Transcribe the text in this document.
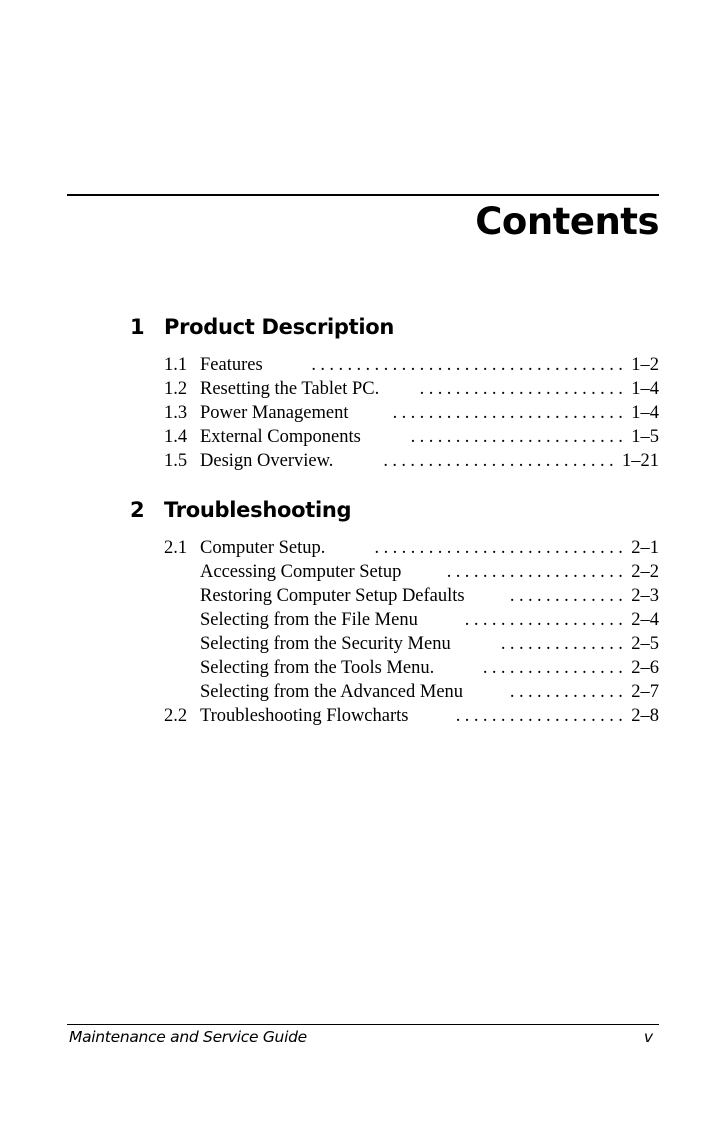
Contents
1 Product Description
1.1 Features	................................... 1–2
1.2 Resetting the Tablet PC.	....................... 1–4
1.3 Power Management	.......................... 1–4
1.4 External Components	........................ 1–5
1.5 Design Overview.	.......................... 1–21
2 Troubleshooting
2.1 Computer Setup.	............................ 2–1
Accessing Computer Setup	.................... 2–2
Restoring Computer Setup Defaults	............. 2–3
Selecting from the File Menu	.................. 2–4
Selecting from the Security Menu	.............. 2–5
Selecting from the Tools Menu.	................ 2–6
Selecting from the Advanced Menu	............. 2–7
2.2 Troubleshooting Flowcharts	................... 2–8
Maintenance and Service Guide	v
